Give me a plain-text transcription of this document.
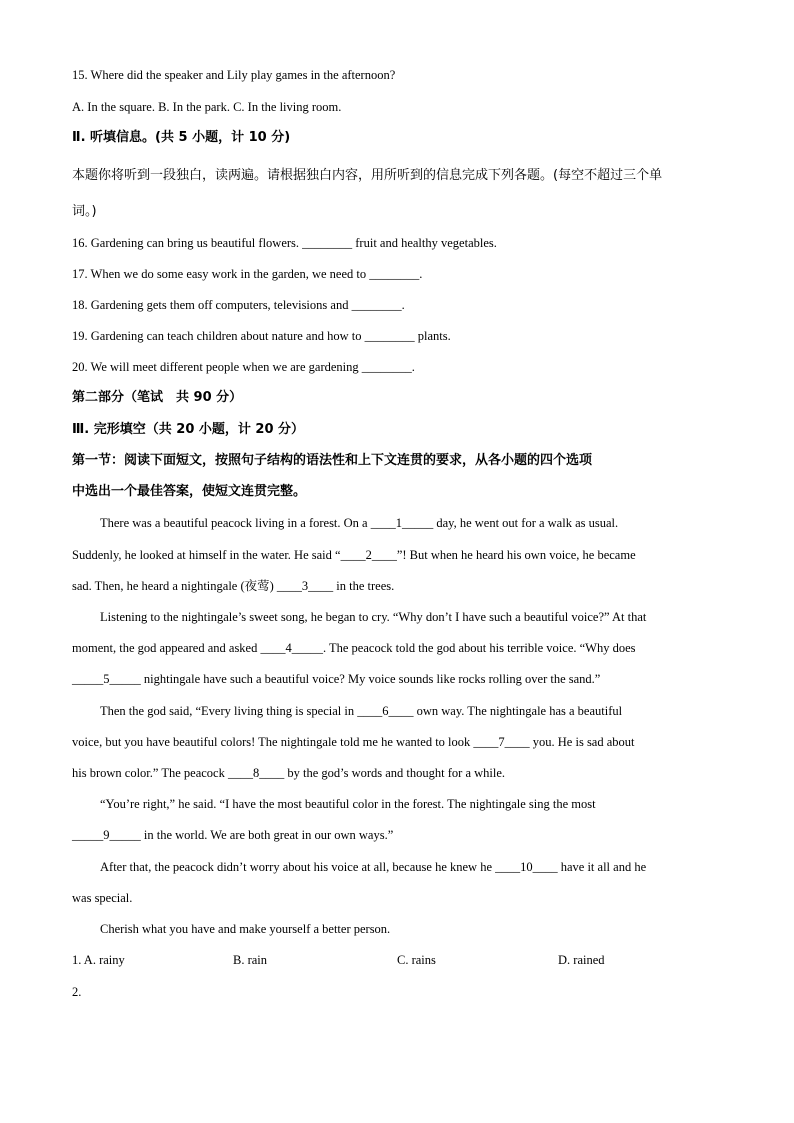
15. Where did the speaker and Lily play games in the afternoon?
A. In the square. B. In the park. C. In the living room.
Ⅱ. 听填信息。(共 5 小题，计 10 分)
本题你将听到一段独白，读两遍。请根据独白内容，用所听到的信息完成下列各题。(每空不超过三个单
词。)
16. Gardening can bring us beautiful flowers. ________ fruit and healthy vegetables.
17. When we do some easy work in the garden, we need to ________.
18. Gardening gets them off computers, televisions and ________.
19. Gardening can teach children about nature and how to ________ plants.
20. We will meet different people when we are gardening ________.
第二部分（笔试　共 90 分）
Ⅲ. 完形填空（共 20 小题，计 20 分）
第一节：阅读下面短文，按照句子结构的语法性和上下文连贯的要求，从各小题的四个选项
中选出一个最佳答案，使短文连贯完整。
There was a beautiful peacock living in a forest. On a ____1_____ day, he went out for a walk as usual.
Suddenly, he looked at himself in the water. He said “____2____”! But when he heard his own voice, he became
sad. Then, he heard a nightingale (夜莺) ____3____ in the trees.
Listening to the nightingale’s sweet song, he began to cry. “Why don’t I have such a beautiful voice?” At that
moment, the god appeared and asked ____4_____. The peacock told the god about his terrible voice. “Why does
_____5_____ nightingale have such a beautiful voice? My voice sounds like rocks rolling over the sand.”
Then the god said, “Every living thing is special in ____6____ own way. The nightingale has a beautiful
voice, but you have beautiful colors! The nightingale told me he wanted to look ____7____ you. He is sad about
his brown color.” The peacock ____8____ by the god’s words and thought for a while.
“You’re right,” he said. “I have the most beautiful color in the forest. The nightingale sing the most
_____9_____ in the world. We are both great in our own ways.”
After that, the peacock didn’t worry about his voice at all, because he knew he ____10____ have it all and he
was special.
Cherish what you have and make yourself a better person.
1. A. rainy	B. rain	C. rains	D. rained
2.
